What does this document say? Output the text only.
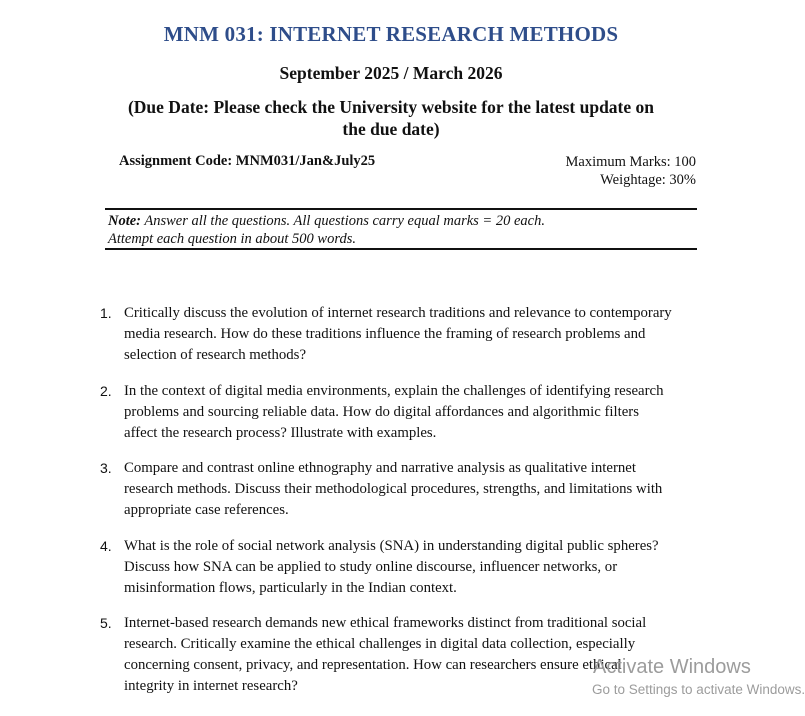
MNM 031: INTERNET RESEARCH METHODS
September 2025 / March 2026
(Due Date: Please check the University website for the latest update on
the due date)
Assignment Code: MNM031/Jan&July25	Maximum Marks: 100
Weightage: 30%
Note: Answer all the questions. All questions carry equal marks = 20 each.
Attempt each question in about 500 words.
1. Critically discuss the evolution of internet research traditions and relevance to contemporary
media research. How do these traditions influence the framing of research problems and
selection of research methods?
2. In the context of digital media environments, explain the challenges of identifying research
problems and sourcing reliable data. How do digital affordances and algorithmic filters
affect the research process? Illustrate with examples.
3. Compare and contrast online ethnography and narrative analysis as qualitative internet
research methods. Discuss their methodological procedures, strengths, and limitations with
appropriate case references.
4. What is the role of social network analysis (SNA) in understanding digital public spheres?
Discuss how SNA can be applied to study online discourse, influencer networks, or
misinformation flows, particularly in the Indian context.
5. Internet-based research demands new ethical frameworks distinct from traditional social
research. Critically examine the ethical challenges in digital data collection, especially
concerning consent, privacy, and representation. How can researchers ensure ethical
integrity in internet research?
Activate Windows
Go to Settings to activate Windows.
